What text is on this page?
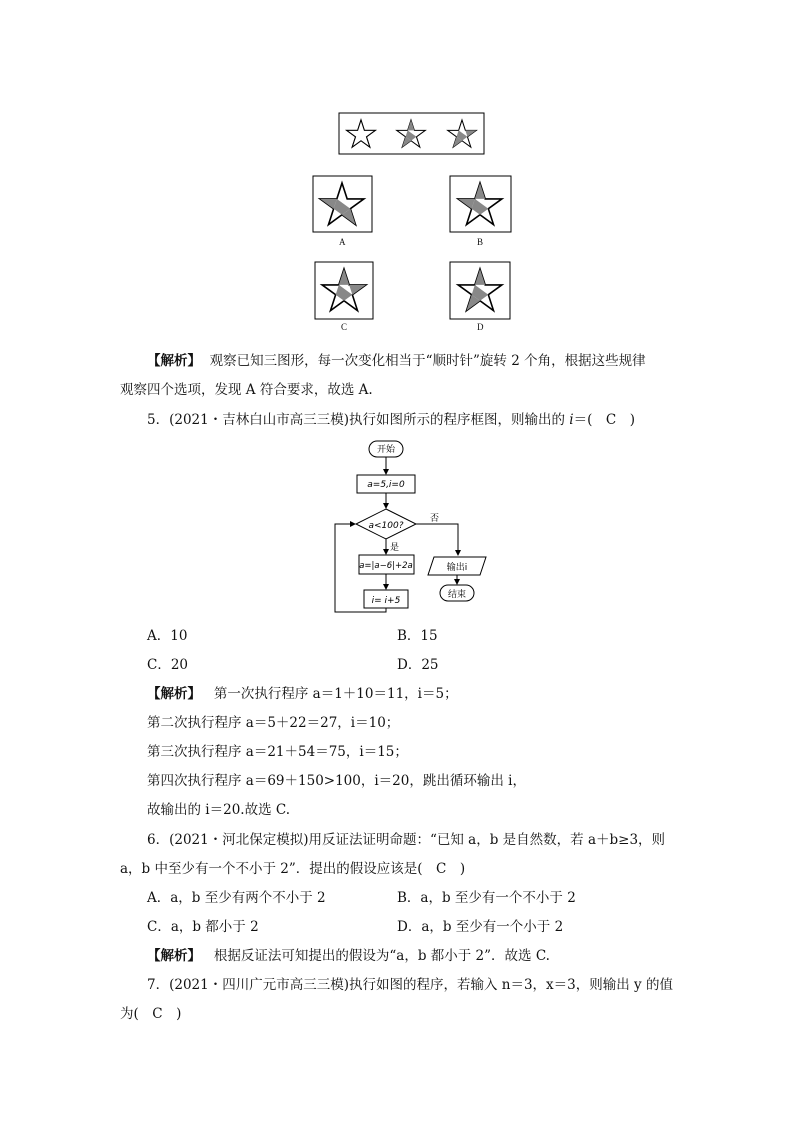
A	B
C	D
【解析】 观察已知三图形，每一次变化相当于“顺时针”旋转 2 个角，根据这些规律
观察四个选项，发现 A 符合要求，故选 A.
5．(2021・吉林白山市高三三模)执行如图所示的程序框图，则输出的 i＝(　C　)
开始
a=5,i=0
a<100?
否
是
a=|a−6|+2a
i= i+5
输出i
结束
A．10	B．15
C．20	D．25
【解析】 第一次执行程序 a＝1＋10＝11，i＝5；
第二次执行程序 a＝5＋22＝27，i＝10；
第三次执行程序 a＝21＋54＝75，i＝15；
第四次执行程序 a＝69＋150>100，i＝20，跳出循环输出 i，
故输出的 i＝20.故选 C.
6．(2021・河北保定模拟)用反证法证明命题：“已知 a，b 是自然数，若 a＋b≥3，则
a，b 中至少有一个不小于 2”．提出的假设应该是(　C　)
A．a，b 至少有两个不小于 2	B．a，b 至少有一个不小于 2
C．a，b 都小于 2	D．a，b 至少有一个小于 2
【解析】 根据反证法可知提出的假设为“a，b 都小于 2”．故选 C.
7．(2021・四川广元市高三三模)执行如图的程序，若输入 n＝3，x＝3，则输出 y 的值
为(　C　)
